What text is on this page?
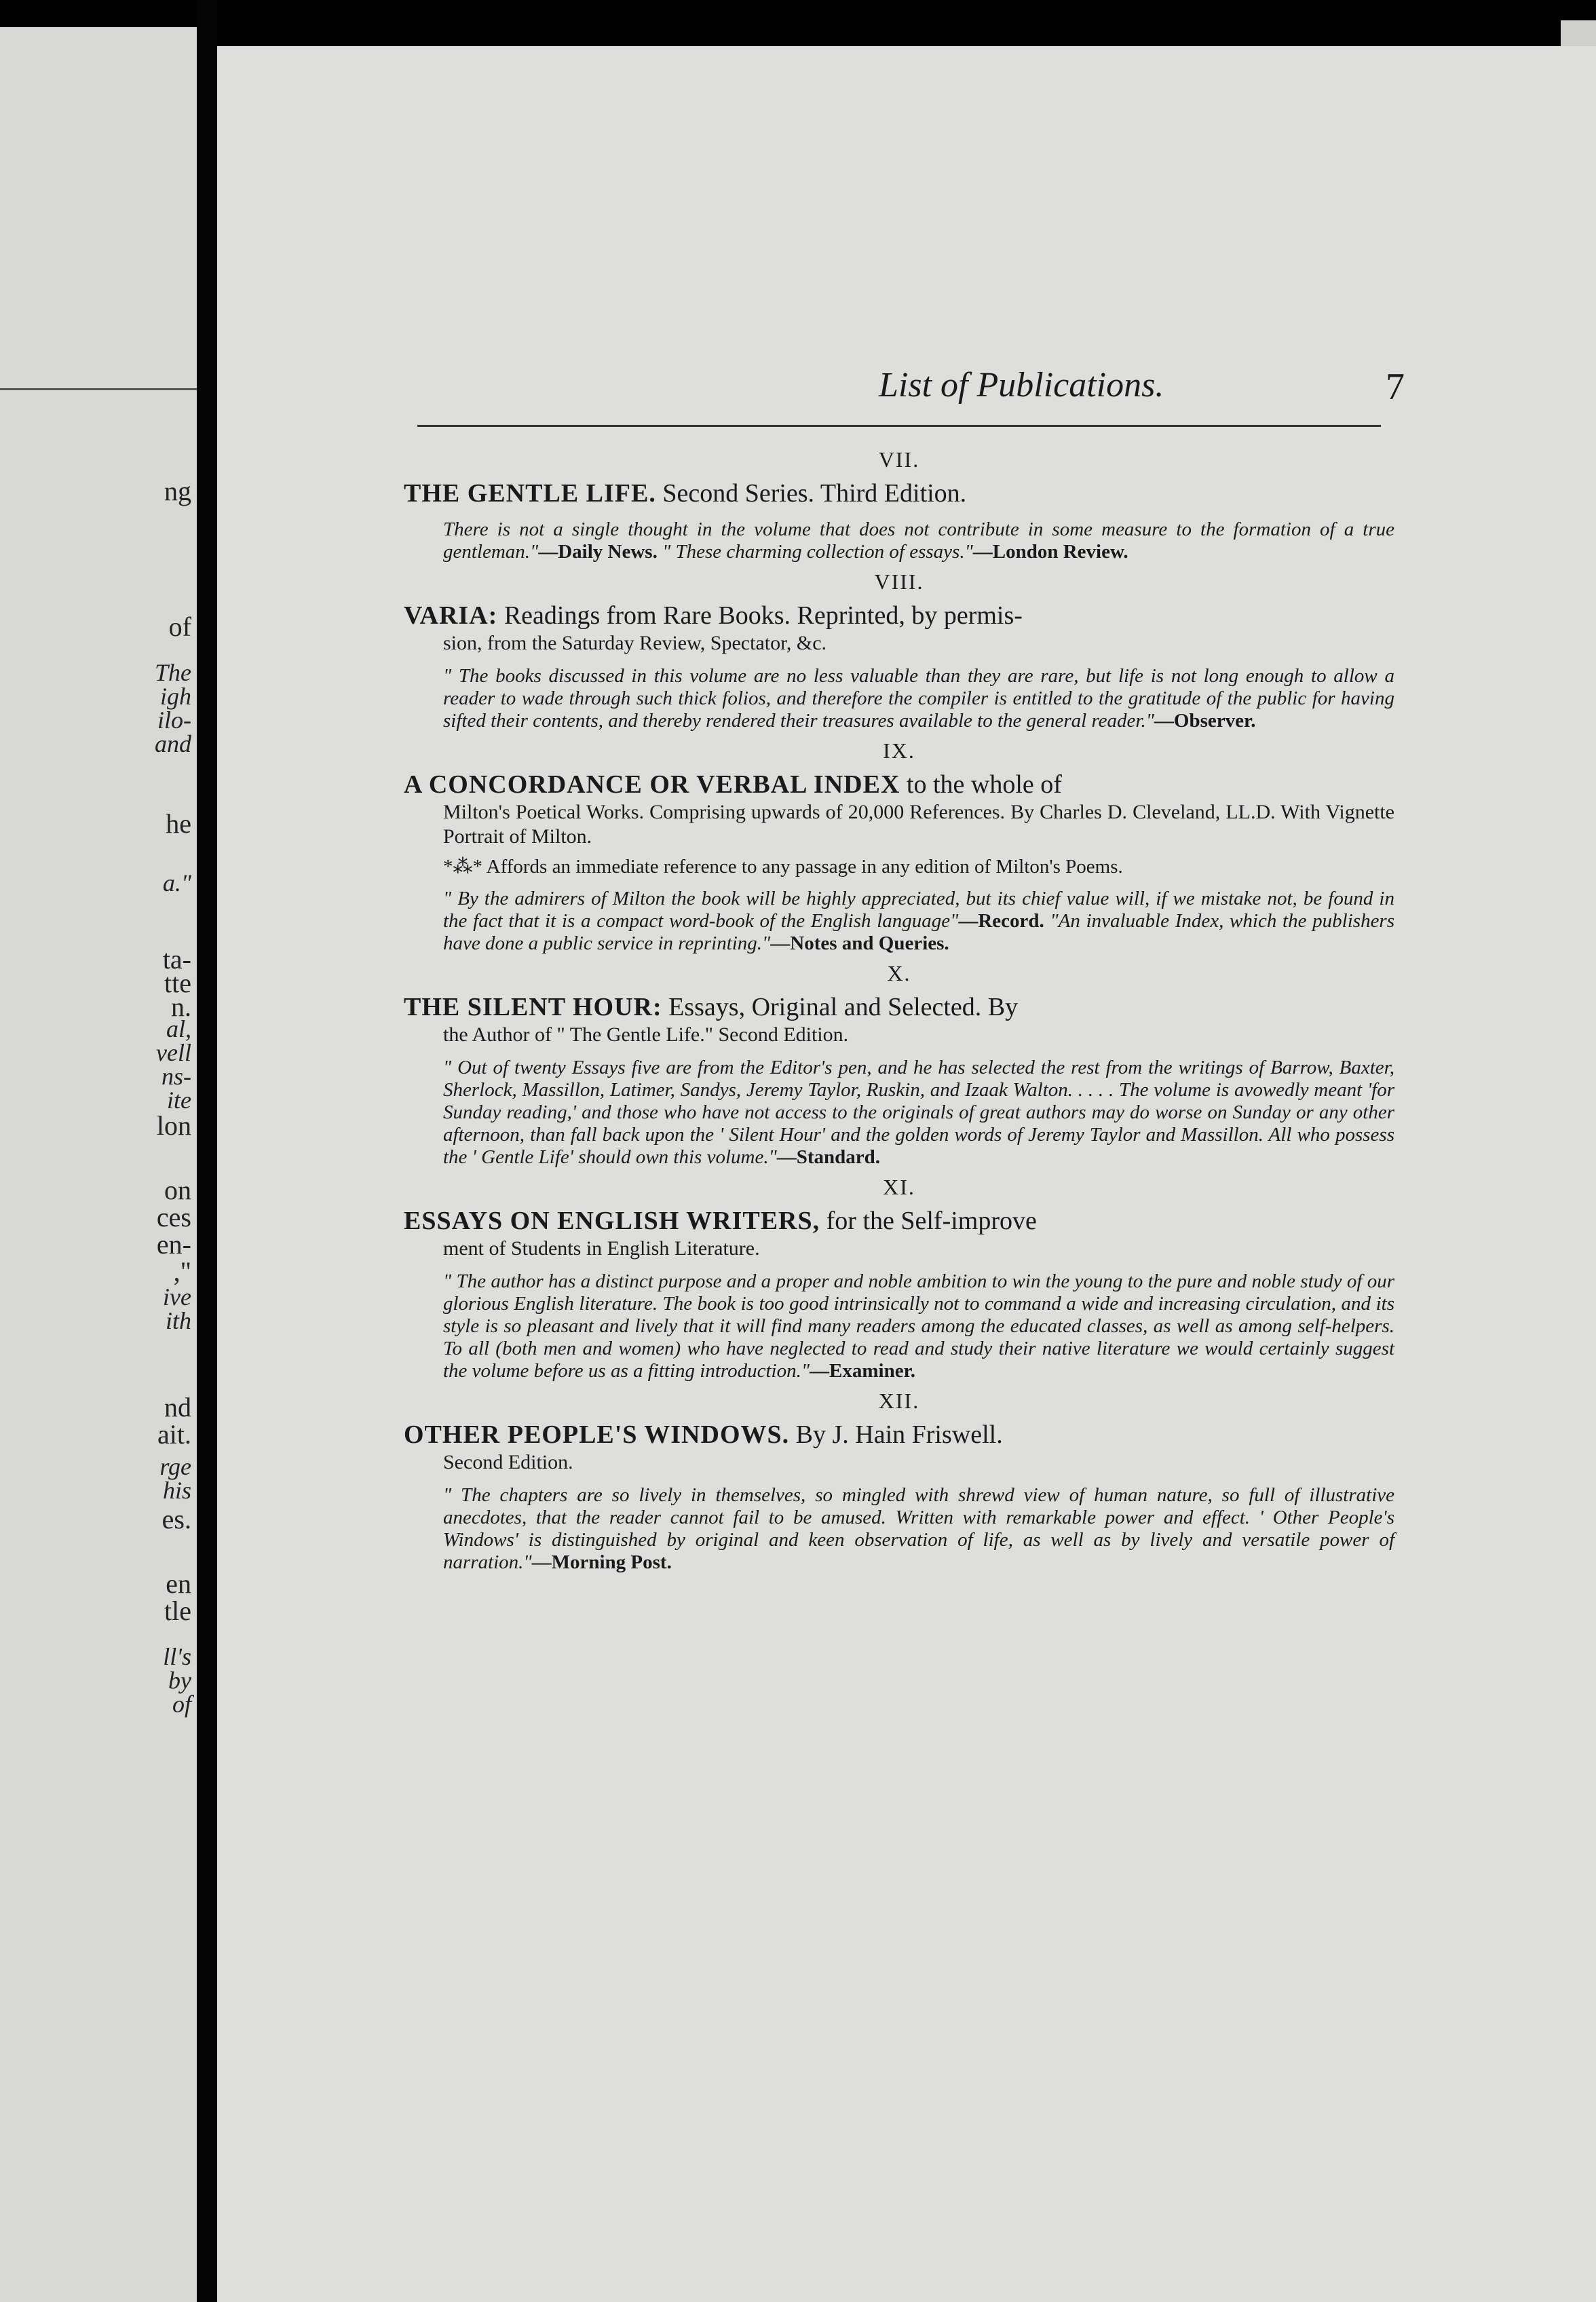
ng
of
The
igh
ilo-
and
he
a."
ta-
tte
n.
al,
vell
ns-
ite
lon
on
ces
en-
,"
ive
ith
nd
ait.
rge
his
es.
en
tle
ll's
by
of
List of Publications.	7
VII.
THE GENTLE LIFE. Second Series. Third Edition.
There is not a single thought in the volume that does not contribute in some measure to the formation of a true gentleman."—Daily News. " These charming collection of essays."—London Review.
VIII.
VARIA: Readings from Rare Books. Reprinted, by permis-
sion, from the Saturday Review, Spectator, &c.
" The books discussed in this volume are no less valuable than they are rare, but life is not long enough to allow a reader to wade through such thick folios, and therefore the compiler is entitled to the gratitude of the public for having sifted their contents, and thereby rendered their treasures available to the general reader."—Observer.
IX.
A CONCORDANCE OR VERBAL INDEX to the whole of
Milton's Poetical Works. Comprising upwards of 20,000 References. By Charles D. Cleveland, LL.D. With Vignette Portrait of Milton.
*⁂* Affords an immediate reference to any passage in any edition of Milton's Poems.
" By the admirers of Milton the book will be highly appreciated, but its chief value will, if we mistake not, be found in the fact that it is a compact word-book of the English language"—Record. "An invaluable Index, which the publishers have done a public service in reprinting."—Notes and Queries.
X.
THE SILENT HOUR: Essays, Original and Selected. By
the Author of " The Gentle Life." Second Edition.
" Out of twenty Essays five are from the Editor's pen, and he has selected the rest from the writings of Barrow, Baxter, Sherlock, Massillon, Latimer, Sandys, Jeremy Taylor, Ruskin, and Izaak Walton. . . . . The volume is avowedly meant 'for Sunday reading,' and those who have not access to the originals of great authors may do worse on Sunday or any other afternoon, than fall back upon the ' Silent Hour' and the golden words of Jeremy Taylor and Massillon. All who possess the ' Gentle Life' should own this volume."—Standard.
XI.
ESSAYS ON ENGLISH WRITERS, for the Self-improve
ment of Students in English Literature.
" The author has a distinct purpose and a proper and noble ambition to win the young to the pure and noble study of our glorious English literature. The book is too good intrinsically not to command a wide and increasing circulation, and its style is so pleasant and lively that it will find many readers among the educated classes, as well as among self-helpers. To all (both men and women) who have neglected to read and study their native literature we would certainly suggest the volume before us as a fitting introduction."—Examiner.
XII.
OTHER PEOPLE'S WINDOWS. By J. Hain Friswell.
Second Edition.
" The chapters are so lively in themselves, so mingled with shrewd view of human nature, so full of illustrative anecdotes, that the reader cannot fail to be amused. Written with remarkable power and effect. ' Other People's Windows' is distinguished by original and keen observation of life, as well as by lively and versatile power of narration."—Morning Post.
